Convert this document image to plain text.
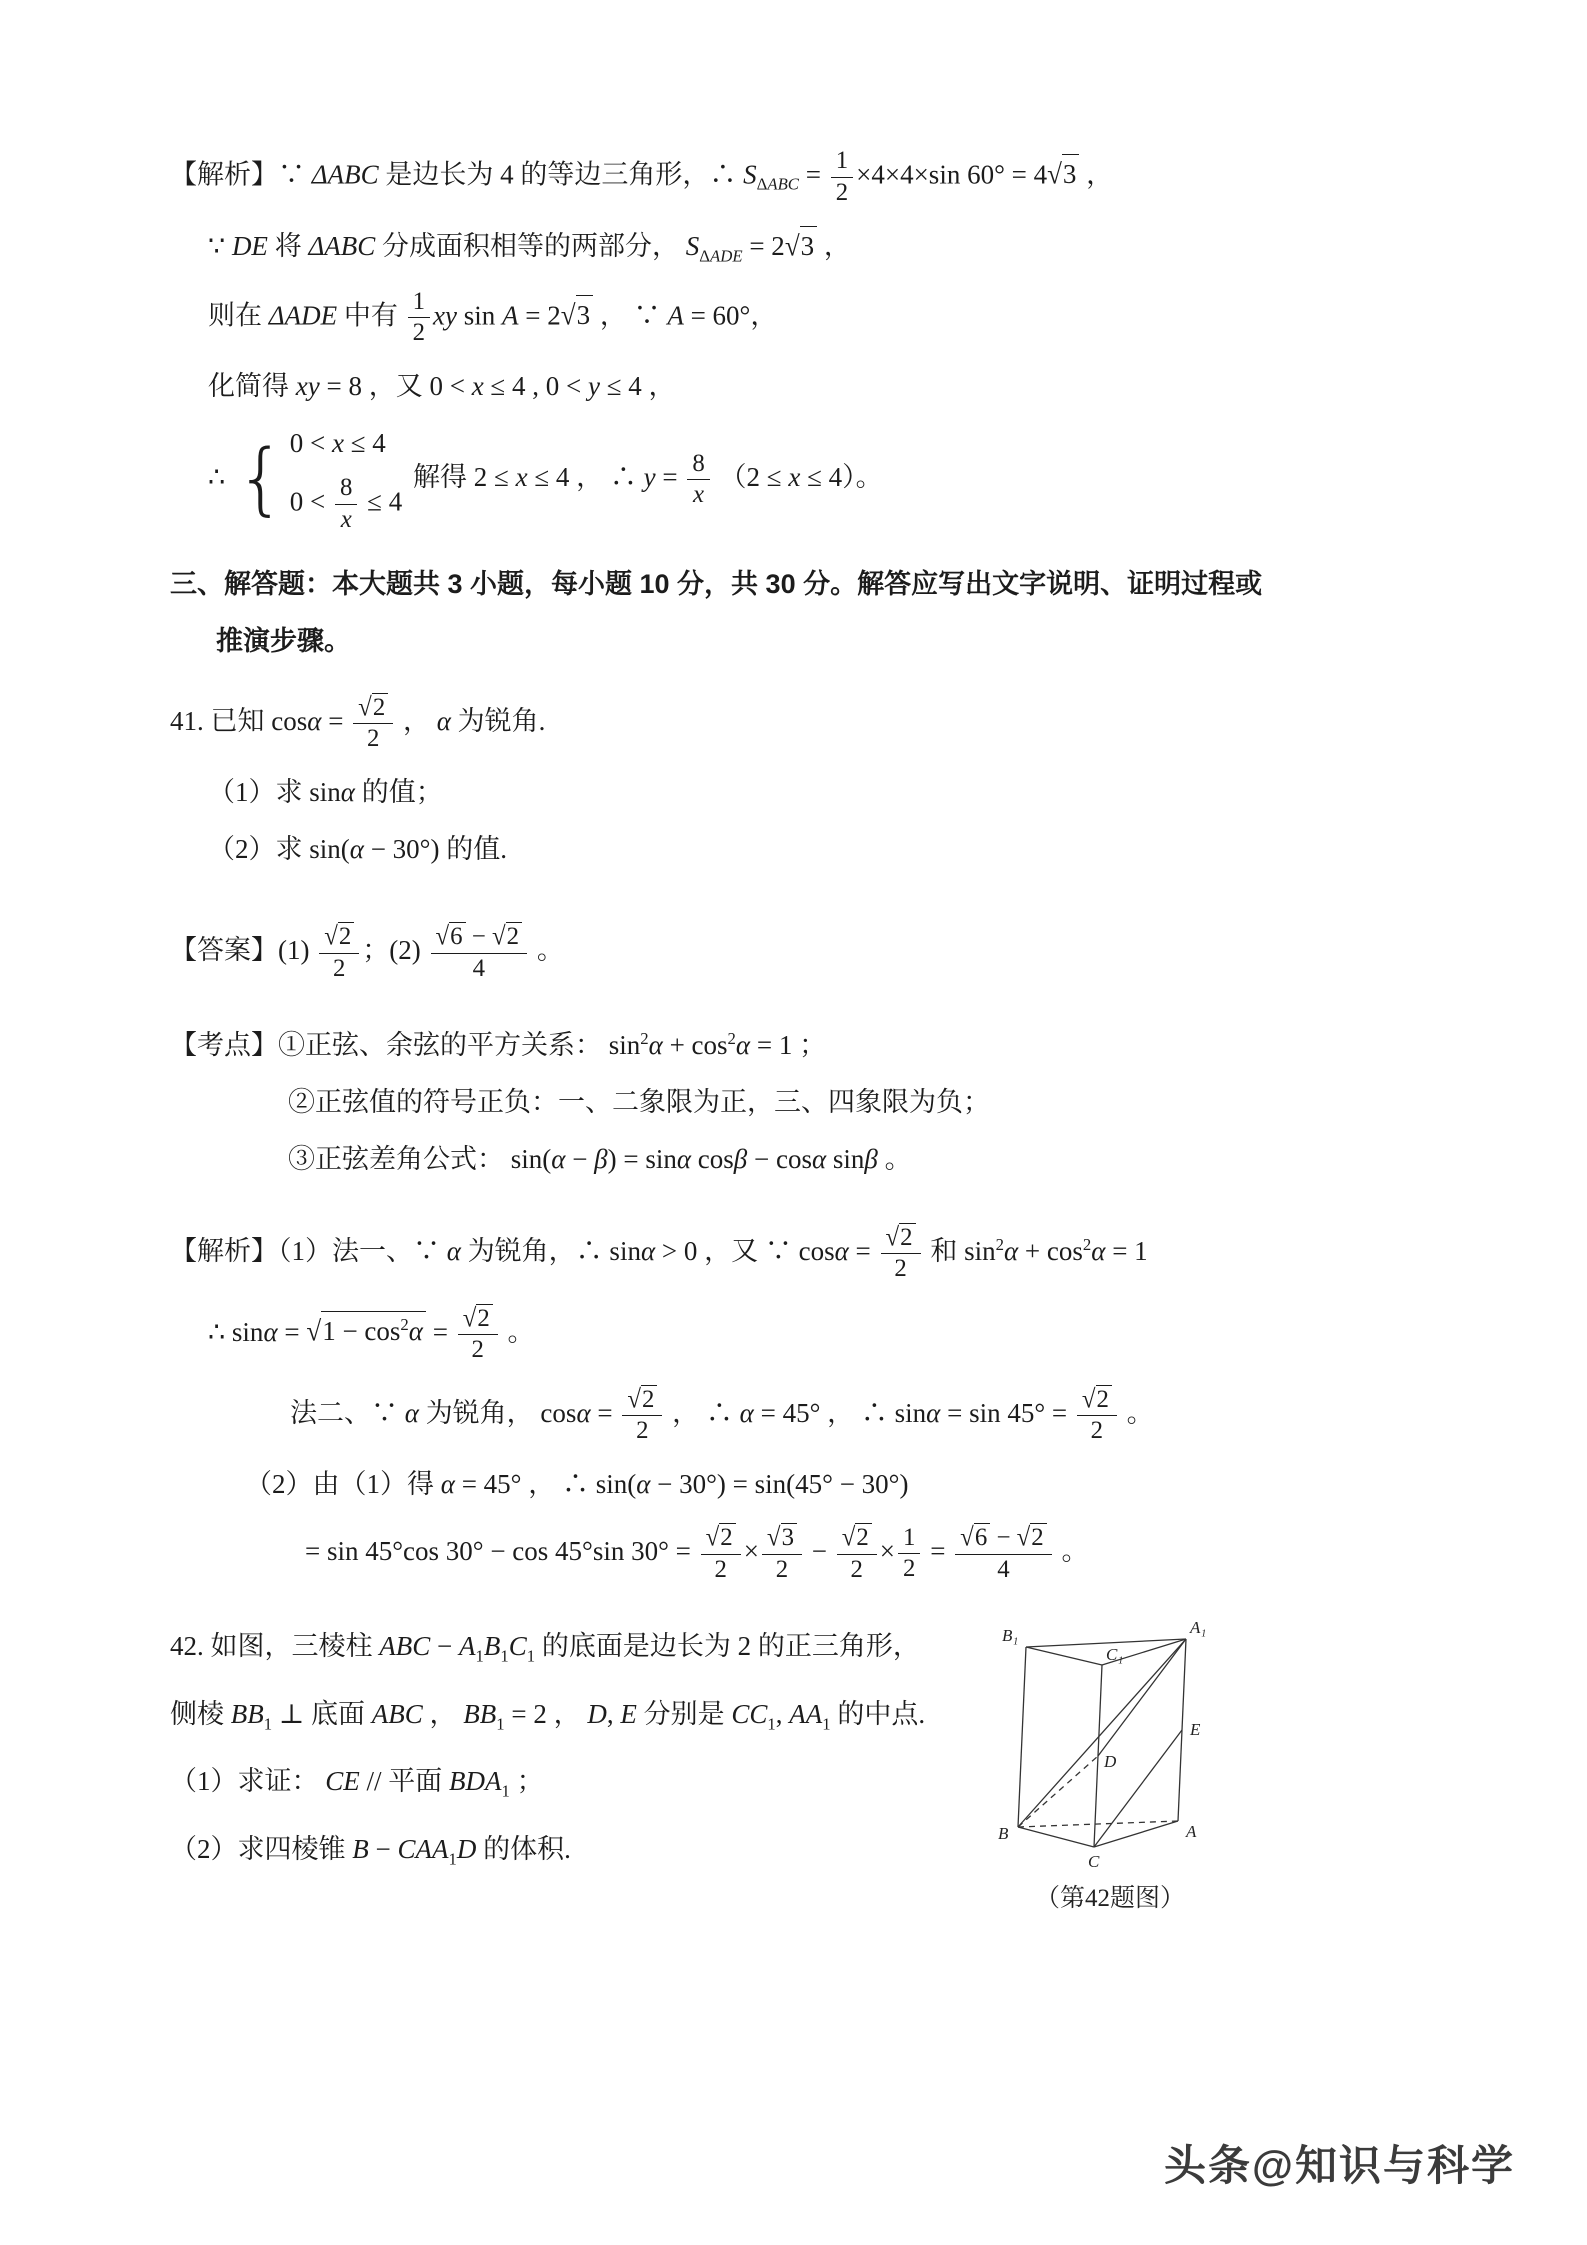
【解析】∵ ΔABC 是边长为 4 的等边三角形，∴ $S_{\Delta ABC} = \frac{1}{2} \times 4\times 4\times\sin$ 60° = 4√3 ，
∵ DE 将 ΔABC 分成面积相等的两部分， $S_{\Delta ADE} = 2√3$ ，
则在 ΔADE 中有 $\frac{1}{2}$ xy sin A = 2√3 ， ∵ A = 60°，
化简得 xy = 8 ，又 0 < x ≤ 4 , 0 < y ≤ 4 ，
∴ { 0 < x ≤ 4
$0 < \frac{8}{x} \le 4$
解得 2 ≤ x ≤ 4 ， ∴ $y = \frac{8}{x} (2 \le x \le 4)$。
三、解答题：本大题共 3 小题，每小题 10 分，共 30 分。解答应写出文字说明、证明过程或
推演步骤。
41. 已知 $\cos\alpha = \frac{√2}{2}$ ， α 为锐角.
（1）求 sinα 的值；
（2）求 sin(α − 30°) 的值.
【答案】$(1) \frac{√2}{2}$ ；$(2) \frac{√6 - √2}{4}$ 。
【考点】①正弦、余弦的平方关系： $\sin^2\alpha + \cos^2\alpha = 1$ ；
②正弦值的符号正负：一、二象限为正，三、四象限为负；
③正弦差角公式： sin(α − β) = sinα cosβ − cosα sinβ 。
【解析】（1）法一、∵ α 为锐角，∴ sinα > 0 ，又 ∵ $\cos\alpha = \frac{√2}{2}$ 和 $\sin^2\alpha + \cos^2\alpha = 1$
∴ $\sin\alpha = √1 - \cos^2\alpha = \frac{√2}{2}$ 。
法二、∵ α 为锐角， $\cos\alpha = \frac{√2}{2}$ ， ∴ α = 45° ， ∴ $\sin\alpha = \sin 45^\circ = \frac{√2}{2}$ 。
（2）由（1）得 α = 45° ， ∴ sin(α − 30°) = sin(45° − 30°)
= sin 45°cos 30° − cos 45°sin $30^\circ = \frac{√2}{2} \times \frac{√3}{2} - \frac{√2}{2} \times \frac{1}{2} = \frac{√6 - √2}{4}$ 。
42. 如图，三棱柱 ABC − $A_1B_1C_1$ 的底面是边长为 2 的正三角形，
侧棱 $BB_1$ ⊥ 底面 ABC ， $BB_1 = 2$ ， D, E 分别是 $CC_1$, $AA_1$ 的中点.
（1）求证： CE // 平面 $BDA_1$ ；
（2）求四棱锥 $B - CAA_1D$ 的体积.
B₁
C₁
A₁
E
D
B
C
A
（第42题图）
头条@知识与科学
